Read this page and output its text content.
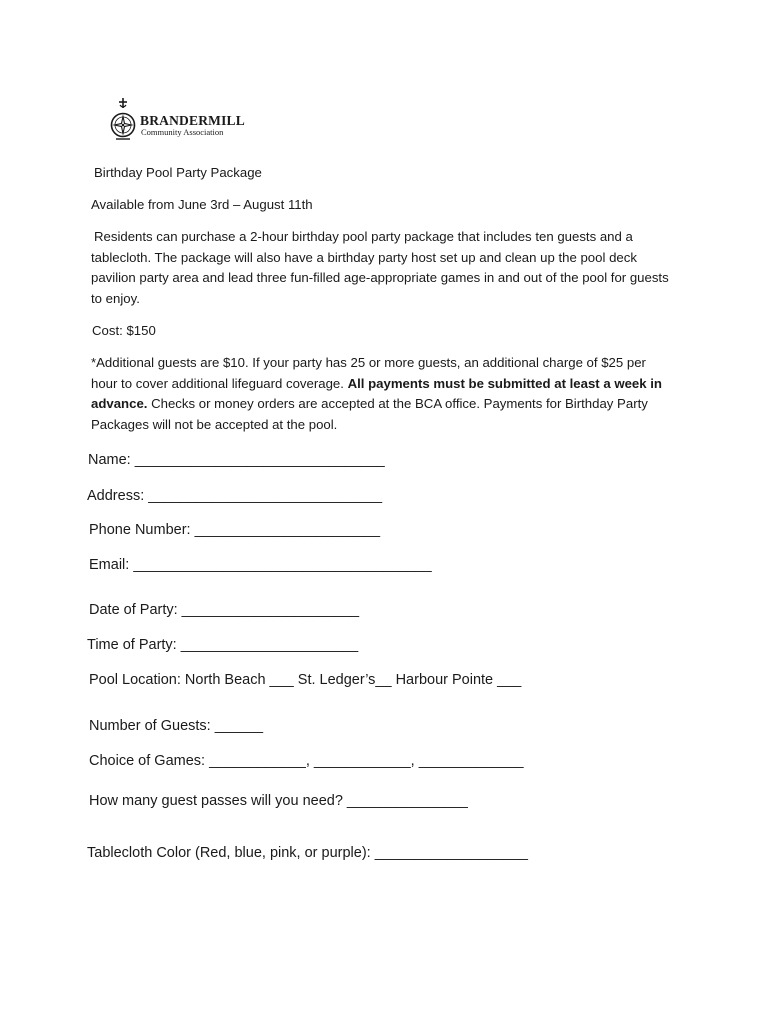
BRANDERMILL
Community Association
Birthday Pool Party Package
Available from June 3rd – August 11th
Residents can purchase a 2-hour birthday pool party package that includes ten guests and a tablecloth. The package will also have a birthday party host set up and clean up the pool deck pavilion party area and lead three fun-filled age-appropriate games in and out of the pool for guests to enjoy.
Cost: $150
*Additional guests are $10. If your party has 25 or more guests, an additional charge of $25 per hour to cover additional lifeguard coverage. All payments must be submitted at least a week in advance. Checks or money orders are accepted at the BCA office. Payments for Birthday Party Packages will not be accepted at the pool.
Name: _______________________________
Address: _____________________________
Phone Number: _______________________
Email: _____________________________________
Date of Party: ______________________
Time of Party: ______________________
Pool Location: North Beach ___ St. Ledger’s__ Harbour Pointe ___
Number of Guests: ______
Choice of Games: ____________, ____________, _____________
How many guest passes will you need? _______________
Tablecloth Color (Red, blue, pink, or purple): ___________________
